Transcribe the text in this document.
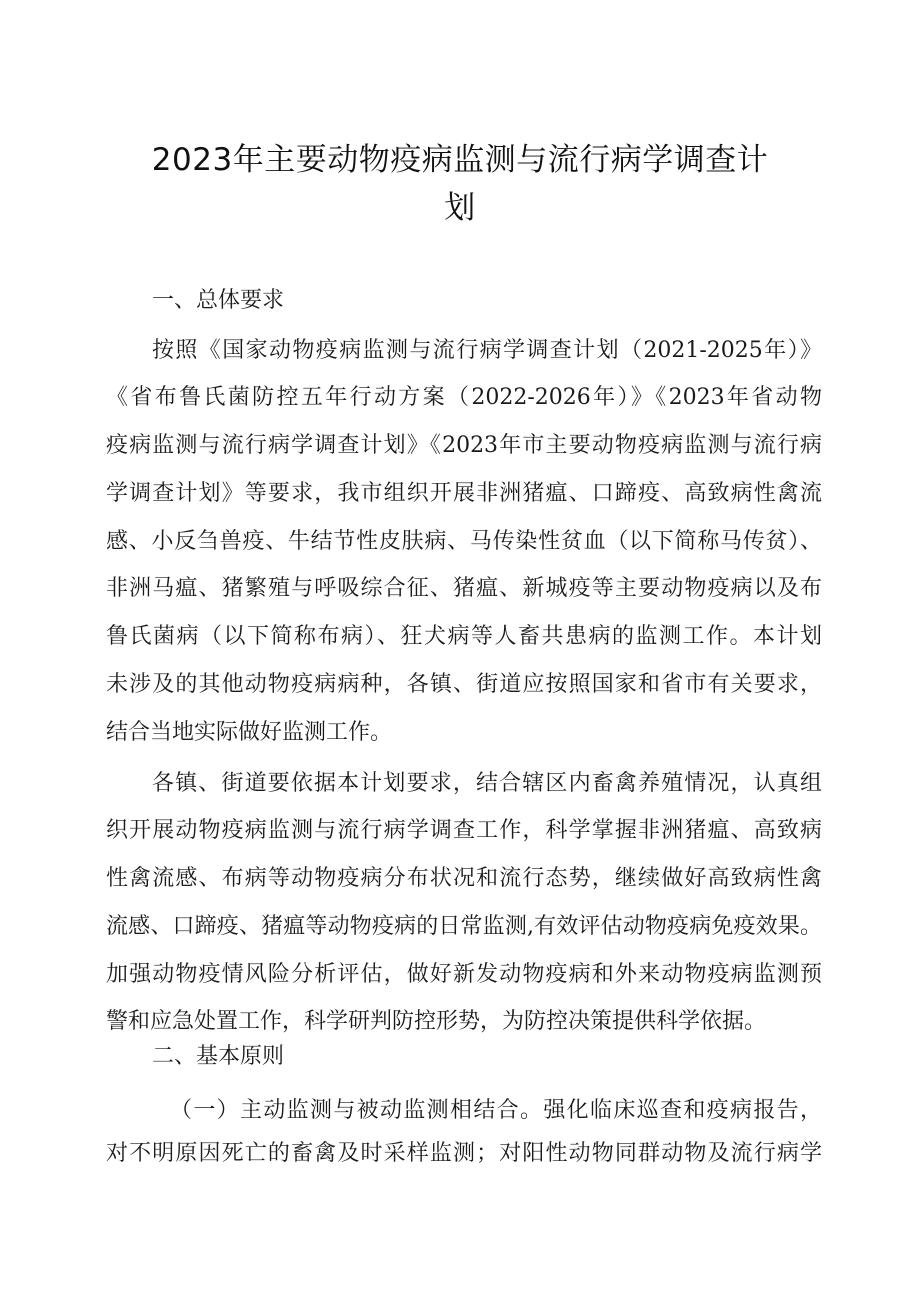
2023年主要动物疫病监测与流行病学调查计
划
一、总体要求
按照《国家动物疫病监测与流行病学调查计划（2021-2025年）》
《省布鲁氏菌防控五年行动方案（2022-2026年）》《2023年省动物
疫病监测与流行病学调查计划》《2023年市主要动物疫病监测与流行病
学调查计划》等要求，我市组织开展非洲猪瘟、口蹄疫、高致病性禽流
感、小反刍兽疫、牛结节性皮肤病、马传染性贫血（以下简称马传贫）、
非洲马瘟、猪繁殖与呼吸综合征、猪瘟、新城疫等主要动物疫病以及布
鲁氏菌病（以下简称布病）、狂犬病等人畜共患病的监测工作。本计划
未涉及的其他动物疫病病种，各镇、街道应按照国家和省市有关要求，
结合当地实际做好监测工作。
各镇、街道要依据本计划要求，结合辖区内畜禽养殖情况，认真组
织开展动物疫病监测与流行病学调查工作，科学掌握非洲猪瘟、高致病
性禽流感、布病等动物疫病分布状况和流行态势，继续做好高致病性禽
流感、口蹄疫、猪瘟等动物疫病的日常监测,有效评估动物疫病免疫效果。
加强动物疫情风险分析评估，做好新发动物疫病和外来动物疫病监测预
警和应急处置工作，科学研判防控形势，为防控决策提供科学依据。
二、基本原则
（一）主动监测与被动监测相结合。强化临床巡查和疫病报告，
对不明原因死亡的畜禽及时采样监测；对阳性动物同群动物及流行病学
